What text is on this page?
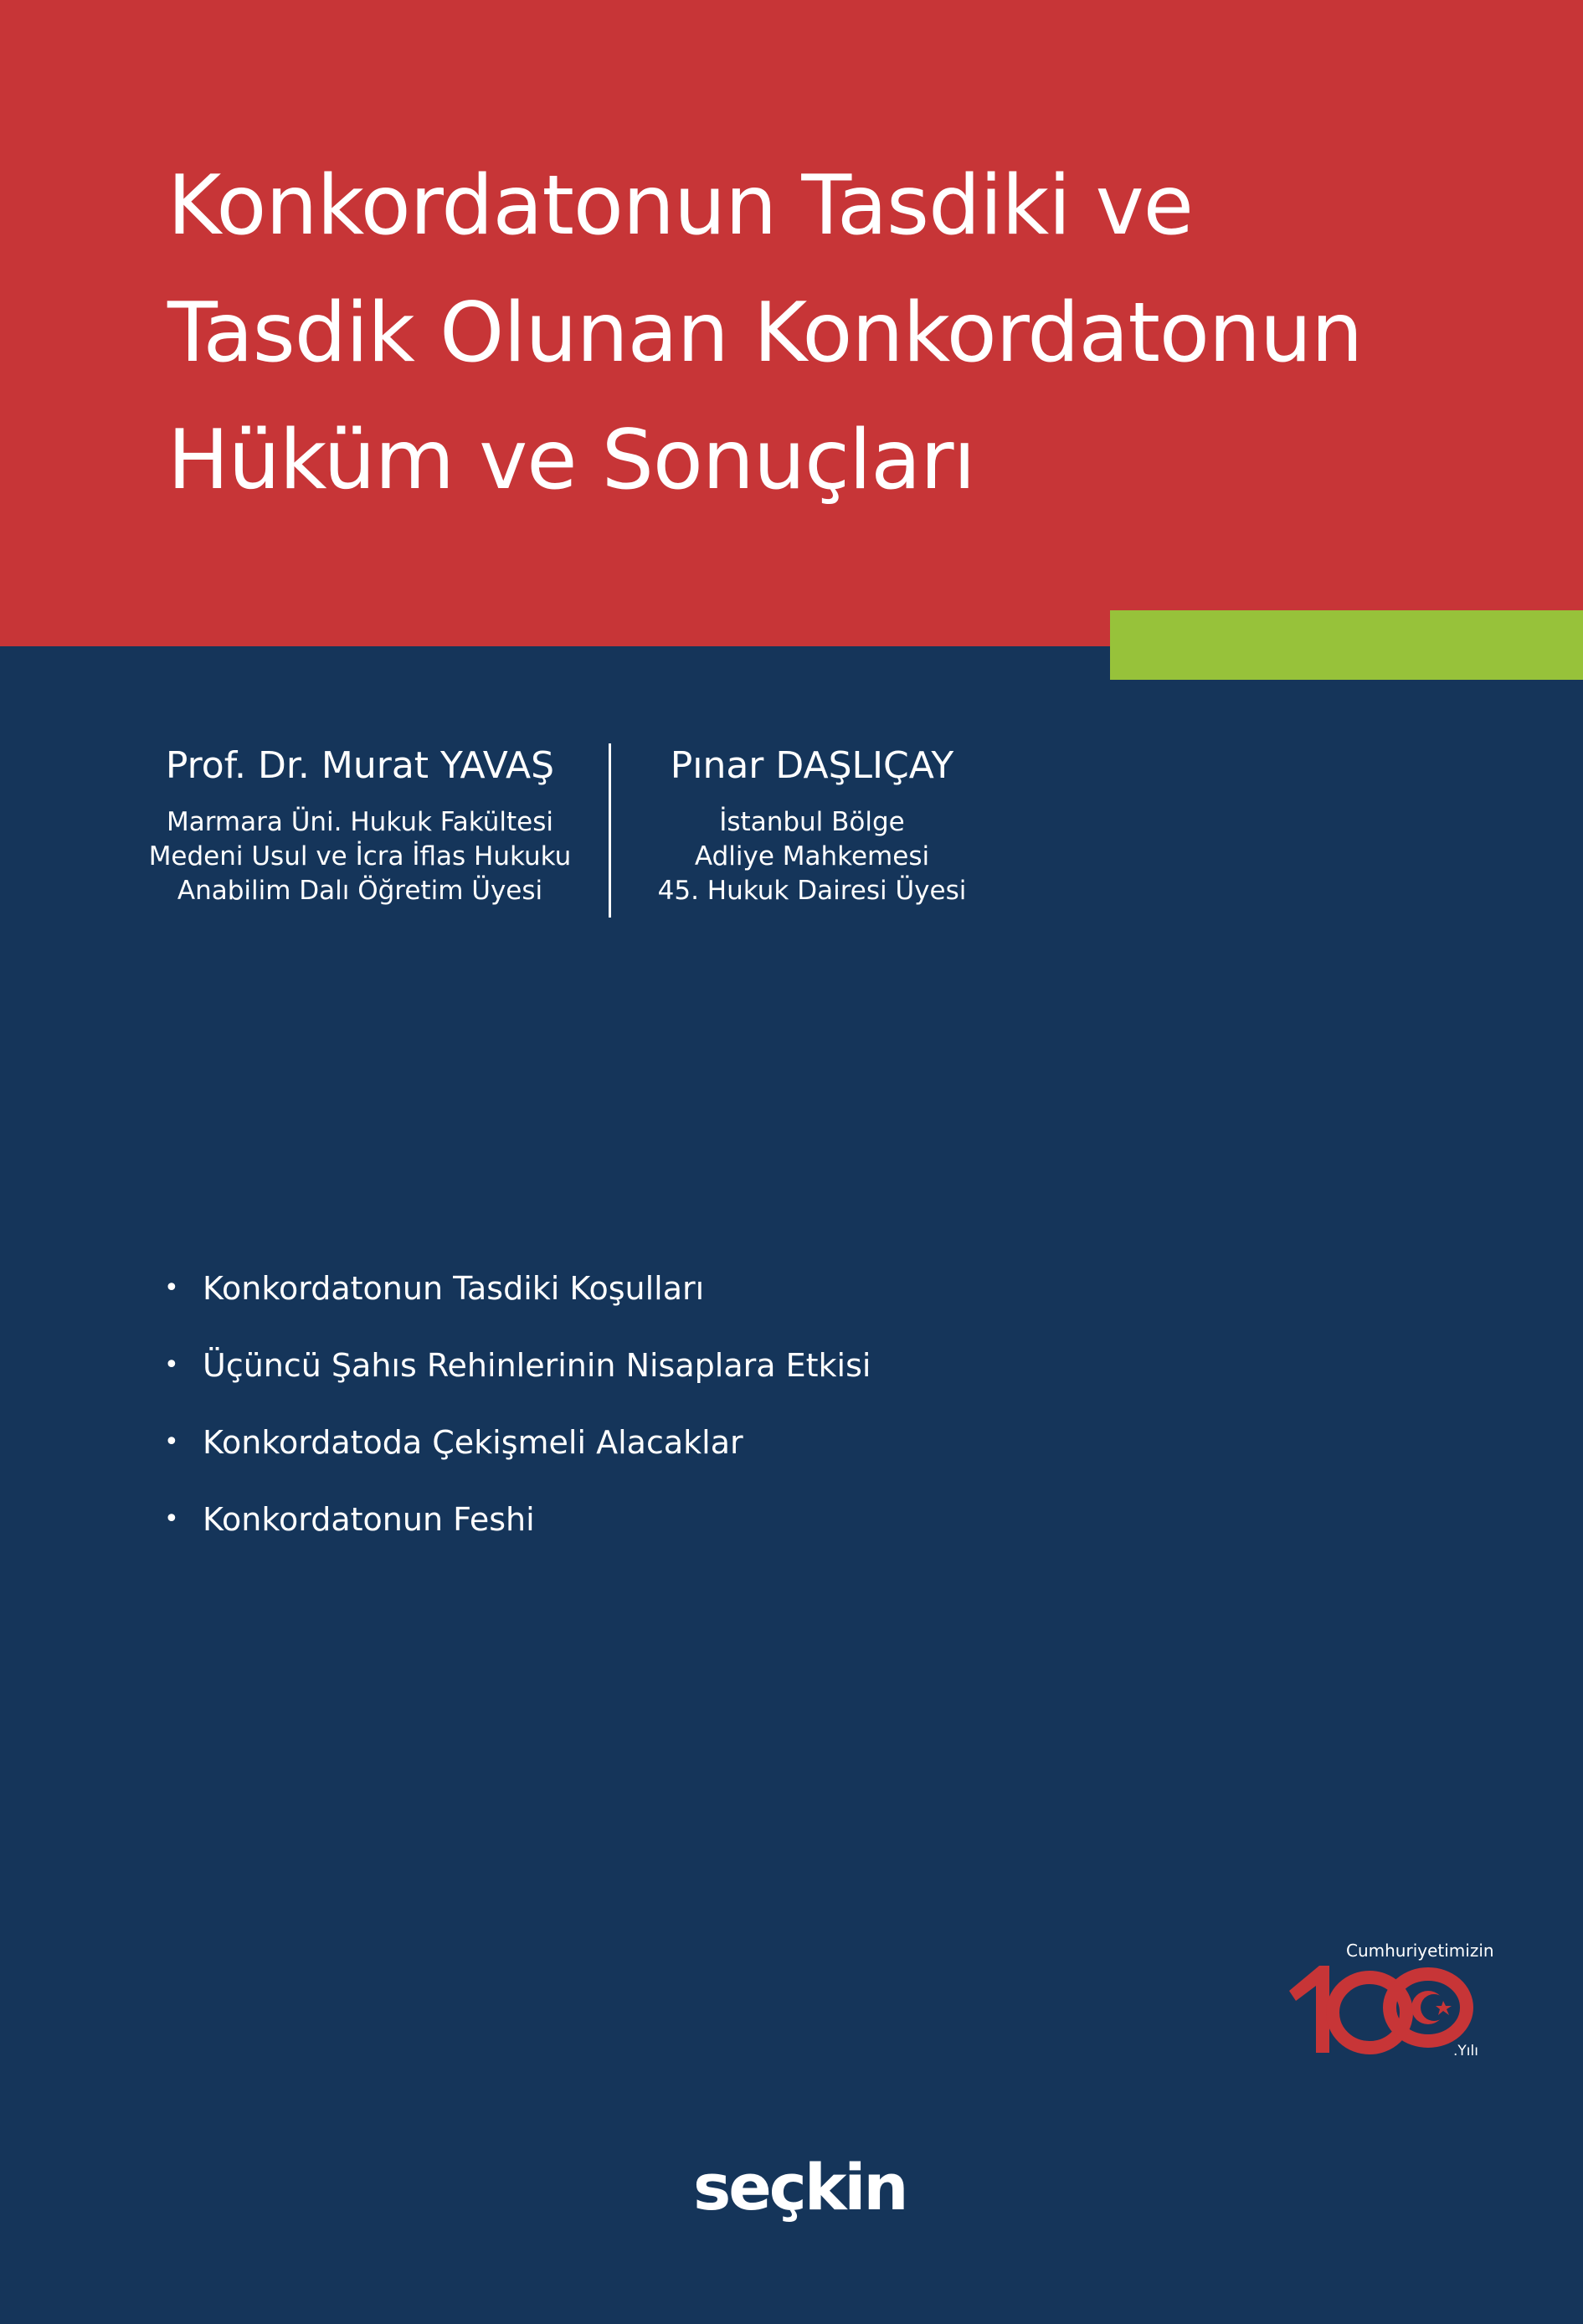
Konkordatonun Tasdiki ve
Tasdik Olunan Konkordatonun
Hüküm ve Sonuçları
Prof. Dr. Murat YAVAŞ
Marmara Üni. Hukuk Fakültesi
Medeni Usul ve İcra İflas Hukuku
Anabilim Dalı Öğretim Üyesi
Pınar DAŞLIÇAY
İstanbul Bölge
Adliye Mahkemesi
45. Hukuk Dairesi Üyesi
• Konkordatonun Tasdiki Koşulları
• Üçüncü Şahıs Rehinlerinin Nisaplara Etkisi
• Konkordatoda Çekişmeli Alacaklar
• Konkordatonun Feshi
Cumhuriyetimizin
100
.Yılı
seçkin
